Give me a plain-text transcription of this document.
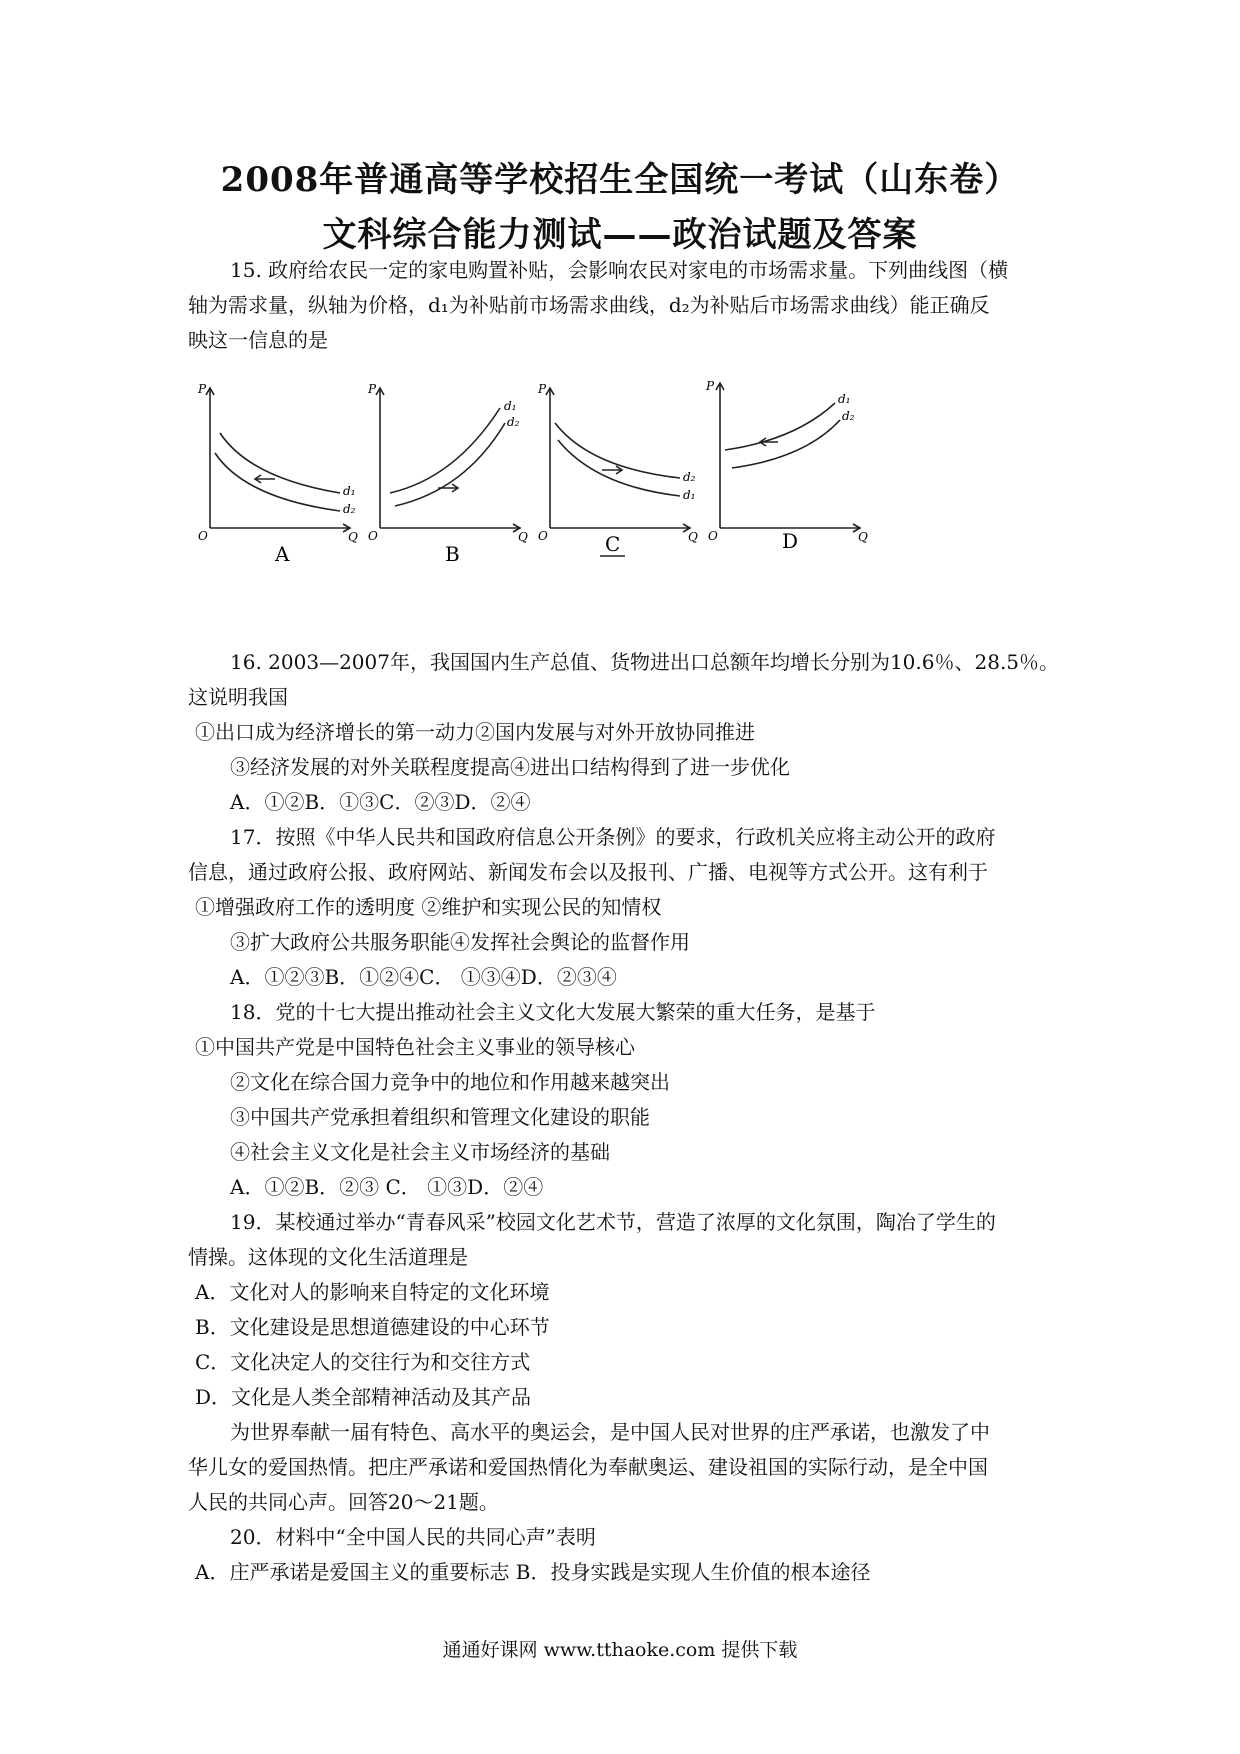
2008年普通高等学校招生全国统一考试（山东卷）
文科综合能力测试——政治试题及答案
15. 政府给农民一定的家电购置补贴，会影响农民对家电的市场需求量。下列曲线图（横
轴为需求量，纵轴为价格，d₁为补贴前市场需求曲线，d₂为补贴后市场需求曲线）能正确反
映这一信息的是
P
O	Q
d₁
d₂
A
P
O	Q
d₁
d₂
B
P
O	Q
d₂
d₁
C
P
O	Q
d₁
d₂
D
16. 2003—2007年，我国国内生产总值、货物进出口总额年均增长分别为10.6％、28.5％。
这说明我国
①出口成为经济增长的第一动力②国内发展与对外开放协同推进
③经济发展的对外关联程度提高④进出口结构得到了进一步优化
A．①②B．①③C．②③D．②④
17．按照《中华人民共和国政府信息公开条例》的要求，行政机关应将主动公开的政府
信息，通过政府公报、政府网站、新闻发布会以及报刊、广播、电视等方式公开。这有利于
①增强政府工作的透明度 ②维护和实现公民的知情权
③扩大政府公共服务职能④发挥社会舆论的监督作用
A．①②③B．①②④C． ①③④D．②③④
18．党的十七大提出推动社会主义文化大发展大繁荣的重大任务，是基于
①中国共产党是中国特色社会主义事业的领导核心
②文化在综合国力竞争中的地位和作用越来越突出
③中国共产党承担着组织和管理文化建设的职能
④社会主义文化是社会主义市场经济的基础
A．①②B．②③ C． ①③D．②④
19．某校通过举办“青春风采”校园文化艺术节，营造了浓厚的文化氛围，陶冶了学生的
情操。这体现的文化生活道理是
A．文化对人的影响来自特定的文化环境
B．文化建设是思想道德建设的中心环节
C．文化决定人的交往行为和交往方式
D．文化是人类全部精神活动及其产品
为世界奉献一届有特色、高水平的奥运会，是中国人民对世界的庄严承诺，也激发了中
华儿女的爱国热情。把庄严承诺和爱国热情化为奉献奥运、建设祖国的实际行动，是全中国
人民的共同心声。回答20～21题。
20．材料中“全中国人民的共同心声”表明
A．庄严承诺是爱国主义的重要标志 B．投身实践是实现人生价值的根本途径
通通好课网 www.tthaoke.com 提供下载
